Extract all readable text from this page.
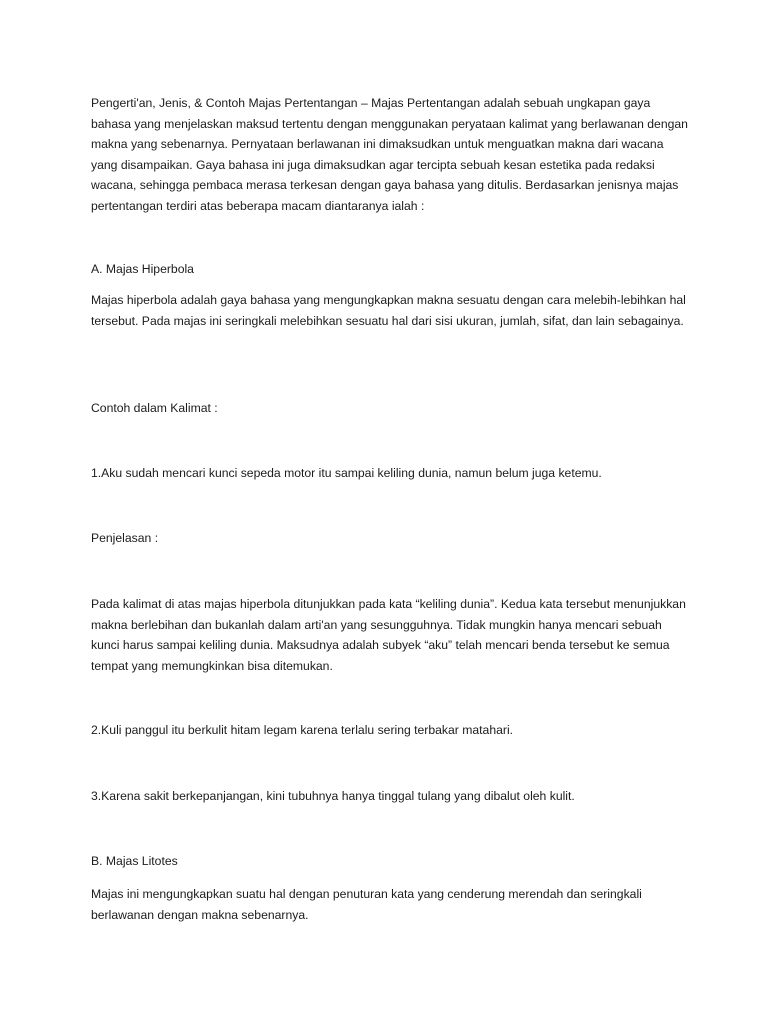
Pengerti'an, Jenis, & Contoh Majas Pertentangan – Majas Pertentangan adalah sebuah ungkapan gaya bahasa yang menjelaskan maksud tertentu dengan menggunakan peryataan kalimat yang berlawanan dengan makna yang sebenarnya. Pernyataan berlawanan ini dimaksudkan untuk menguatkan makna dari wacana yang disampaikan. Gaya bahasa ini juga dimaksudkan agar tercipta sebuah kesan estetika pada redaksi wacana, sehingga pembaca merasa terkesan dengan gaya bahasa yang ditulis. Berdasarkan jenisnya majas pertentangan terdiri atas beberapa macam diantaranya ialah :

A. Majas Hiperbola

Majas hiperbola adalah gaya bahasa yang mengungkapkan makna sesuatu dengan cara melebih-lebihkan hal tersebut. Pada majas ini seringkali melebihkan sesuatu hal dari sisi ukuran, jumlah, sifat, dan lain sebagainya.

Contoh dalam Kalimat :

1.Aku sudah mencari kunci sepeda motor itu sampai keliling dunia, namun belum juga ketemu.

Penjelasan :

Pada kalimat di atas majas hiperbola ditunjukkan pada kata “keliling dunia”. Kedua kata tersebut menunjukkan makna berlebihan dan bukanlah dalam arti'an yang sesungguhnya. Tidak mungkin hanya mencari sebuah kunci harus sampai keliling dunia. Maksudnya adalah subyek “aku” telah mencari benda tersebut ke semua tempat yang memungkinkan bisa ditemukan.

2.Kuli panggul itu berkulit hitam legam karena terlalu sering terbakar matahari.

3.Karena sakit berkepanjangan, kini tubuhnya hanya tinggal tulang yang dibalut oleh kulit.

B. Majas Litotes

Majas ini mengungkapkan suatu hal dengan penuturan kata yang cenderung merendah dan seringkali berlawanan dengan makna sebenarnya.
